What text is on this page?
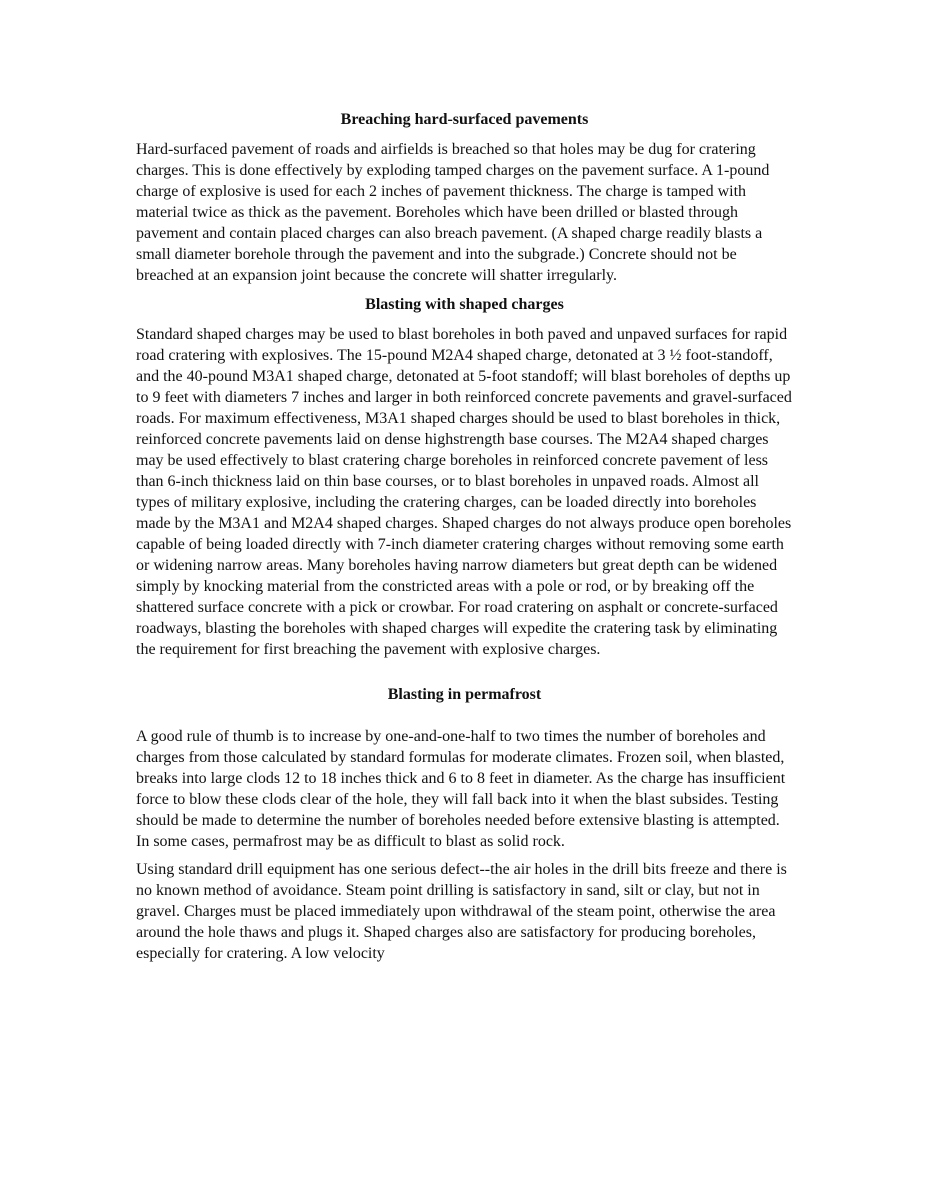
Breaching hard-surfaced pavements

Hard-surfaced pavement of roads and airfields is breached so that holes may be dug for cratering charges. This is done effectively by exploding tamped charges on the pavement surface. A 1-pound charge of explosive is used for each 2 inches of pavement thickness. The charge is tamped with material twice as thick as the pavement. Boreholes which have been drilled or blasted through pavement and contain placed charges can also breach pavement. (A shaped charge readily blasts a small diameter borehole through the pavement and into the subgrade.) Concrete should not be breached at an expansion joint because the concrete will shatter irregularly.

Blasting with shaped charges

Standard shaped charges may be used to blast boreholes in both paved and unpaved surfaces for rapid road cratering with explosives. The 15-pound M2A4 shaped charge, detonated at 3 ½ foot-standoff, and the 40-pound M3A1 shaped charge, detonated at 5-foot standoff; will blast boreholes of depths up to 9 feet with diameters 7 inches and larger in both reinforced concrete pavements and gravel-surfaced roads. For maximum effectiveness, M3A1 shaped charges should be used to blast boreholes in thick, reinforced concrete pavements laid on dense highstrength base courses. The M2A4 shaped charges may be used effectively to blast cratering charge boreholes in reinforced concrete pavement of less than 6-inch thickness laid on thin base courses, or to blast boreholes in unpaved roads. Almost all types of military explosive, including the cratering charges, can be loaded directly into boreholes made by the M3A1 and M2A4 shaped charges. Shaped charges do not always produce open boreholes capable of being loaded directly with 7-inch diameter cratering charges without removing some earth or widening narrow areas. Many boreholes having narrow diameters but great depth can be widened simply by knocking material from the constricted areas with a pole or rod, or by breaking off the shattered surface concrete with a pick or crowbar. For road cratering on asphalt or concrete-surfaced roadways, blasting the boreholes with shaped charges will expedite the cratering task by eliminating the requirement for first breaching the pavement with explosive charges.

Blasting in permafrost

A good rule of thumb is to increase by one-and-one-half to two times the number of boreholes and charges from those calculated by standard formulas for moderate climates. Frozen soil, when blasted, breaks into large clods 12 to 18 inches thick and 6 to 8 feet in diameter. As the charge has insufficient force to blow these clods clear of the hole, they will fall back into it when the blast subsides. Testing should be made to determine the number of boreholes needed before extensive blasting is attempted. In some cases, permafrost may be as difficult to blast as solid rock.

Using standard drill equipment has one serious defect--the air holes in the drill bits freeze and there is no known method of avoidance. Steam point drilling is satisfactory in sand, silt or clay, but not in gravel. Charges must be placed immediately upon withdrawal of the steam point, otherwise the area around the hole thaws and plugs it. Shaped charges also are satisfactory for producing boreholes, especially for cratering. A low velocity
